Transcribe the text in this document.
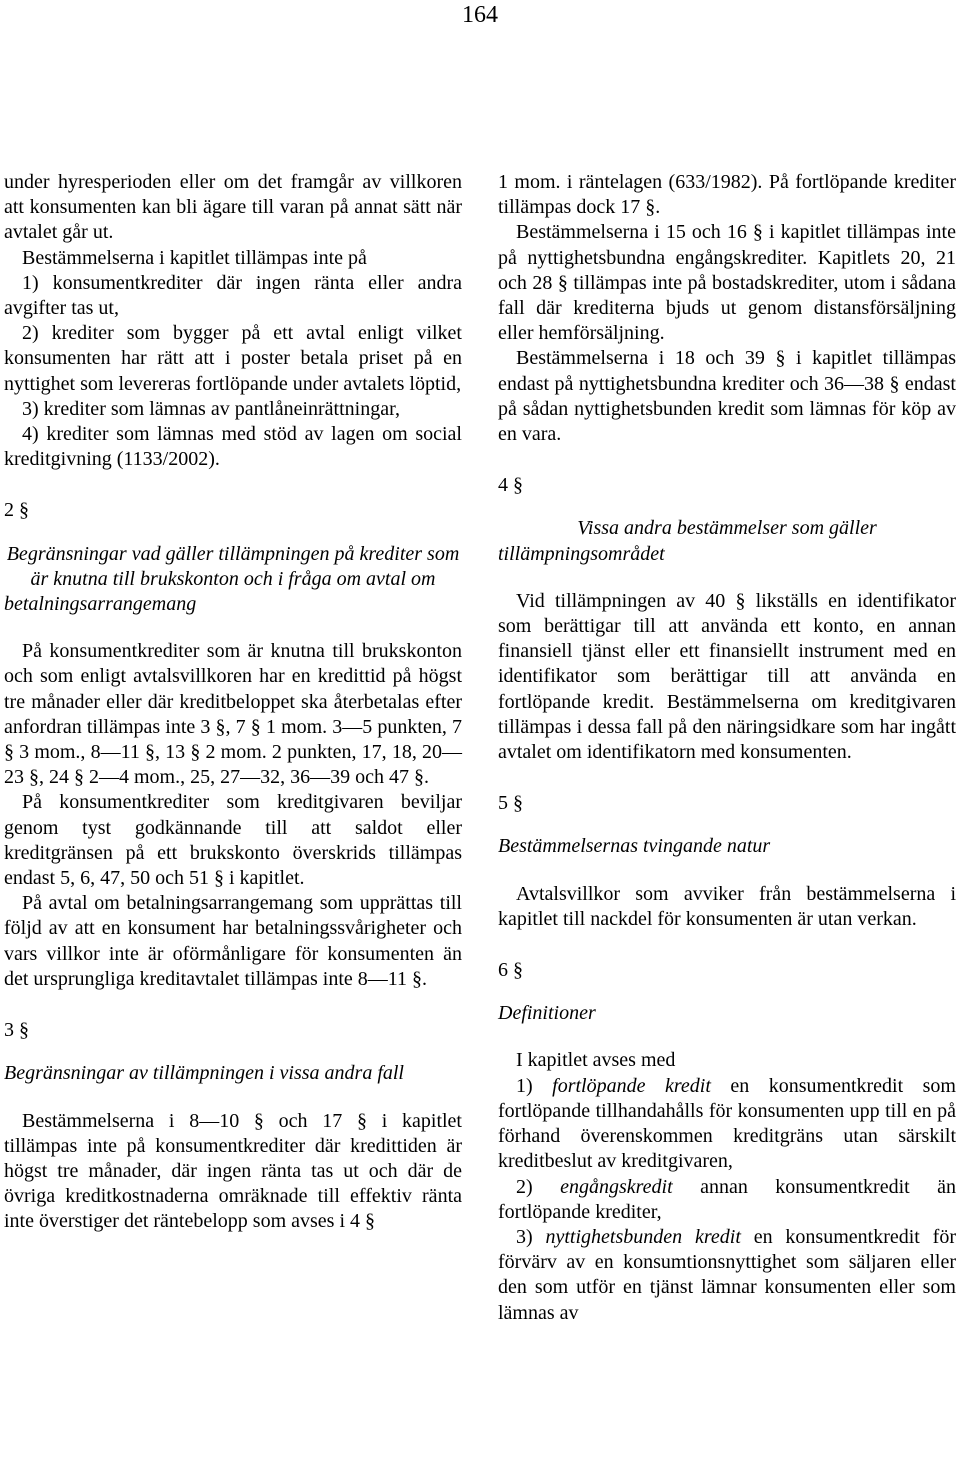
164

under hyresperioden eller om det framgår av villkoren att konsumenten kan bli ägare till varan på annat sätt när avtalet går ut.

Bestämmelserna i kapitlet tillämpas inte på

1) konsumentkrediter där ingen ränta eller andra avgifter tas ut,

2) krediter som bygger på ett avtal enligt vilket konsumenten har rätt att i poster betala priset på en nyttighet som levereras fortlöpande under avtalets löptid,

3) krediter som lämnas av pantlåneinrättningar,

4) krediter som lämnas med stöd av lagen om social kreditgivning (1133/2002).

2 §

Begränsningar vad gäller tillämpningen på krediter som är knutna till brukskonton och i fråga om avtal om betalningsarrangemang

På konsumentkrediter som är knutna till brukskonton och som enligt avtalsvillkoren har en kredittid på högst tre månader eller där kreditbeloppet ska återbetalas efter anfordran tillämpas inte 3 §, 7 § 1 mom. 3—5 punkten, 7 § 3 mom., 8—11 §, 13 § 2 mom. 2 punkten, 17, 18, 20—23 §, 24 § 2—4 mom., 25, 27—32, 36—39 och 47 §.

På konsumentkrediter som kreditgivaren beviljar genom tyst godkännande till att saldot eller kreditgränsen på ett brukskonto överskrids tillämpas endast 5, 6, 47, 50 och 51 § i kapitlet.

På avtal om betalningsarrangemang som upprättas till följd av att en konsument har betalningssvårigheter och vars villkor inte är oförmånligare för konsumenten än det ursprungliga kreditavtalet tillämpas inte 8—11 §.

3 §

Begränsningar av tillämpningen i vissa andra fall

Bestämmelserna i 8—10 § och 17 § i kapitlet tillämpas inte på konsumentkrediter där kredittiden är högst tre månader, där ingen ränta tas ut och där de övriga kreditkostnaderna omräknade till effektiv ränta inte överstiger det räntebelopp som avses i 4 §

1 mom. i räntelagen (633/1982). På fortlöpande krediter tillämpas dock 17 §.

Bestämmelserna i 15 och 16 § i kapitlet tillämpas inte på nyttighetsbundna engångskrediter. Kapitlets 20, 21 och 28 § tillämpas inte på bostadskrediter, utom i sådana fall där krediterna bjuds ut genom distansförsäljning eller hemförsäljning.

Bestämmelserna i 18 och 39 § i kapitlet tillämpas endast på nyttighetsbundna krediter och 36—38 § endast på sådan nyttighetsbunden kredit som lämnas för köp av en vara.

4 §

Vissa andra bestämmelser som gäller tillämpningsområdet

Vid tillämpningen av 40 § likställs en identifikator som berättigar till att använda ett konto, en annan finansiell tjänst eller ett finansiellt instrument med en identifikator som berättigar till att använda en fortlöpande kredit. Bestämmelserna om kreditgivaren tillämpas i dessa fall på den näringsidkare som har ingått avtalet om identifikatorn med konsumenten.

5 §

Bestämmelsernas tvingande natur

Avtalsvillkor som avviker från bestämmelserna i kapitlet till nackdel för konsumenten är utan verkan.

6 §

Definitioner

I kapitlet avses med

1) fortlöpande kredit en konsumentkredit som fortlöpande tillhandahålls för konsumenten upp till en på förhand överenskommen kreditgräns utan särskilt kreditbeslut av kreditgivaren,

2) engångskredit annan konsumentkredit än fortlöpande krediter,

3) nyttighetsbunden kredit en konsumentkredit för förvärv av en konsumtionsnyttighet som säljaren eller den som utför en tjänst lämnar konsumenten eller som lämnas av
